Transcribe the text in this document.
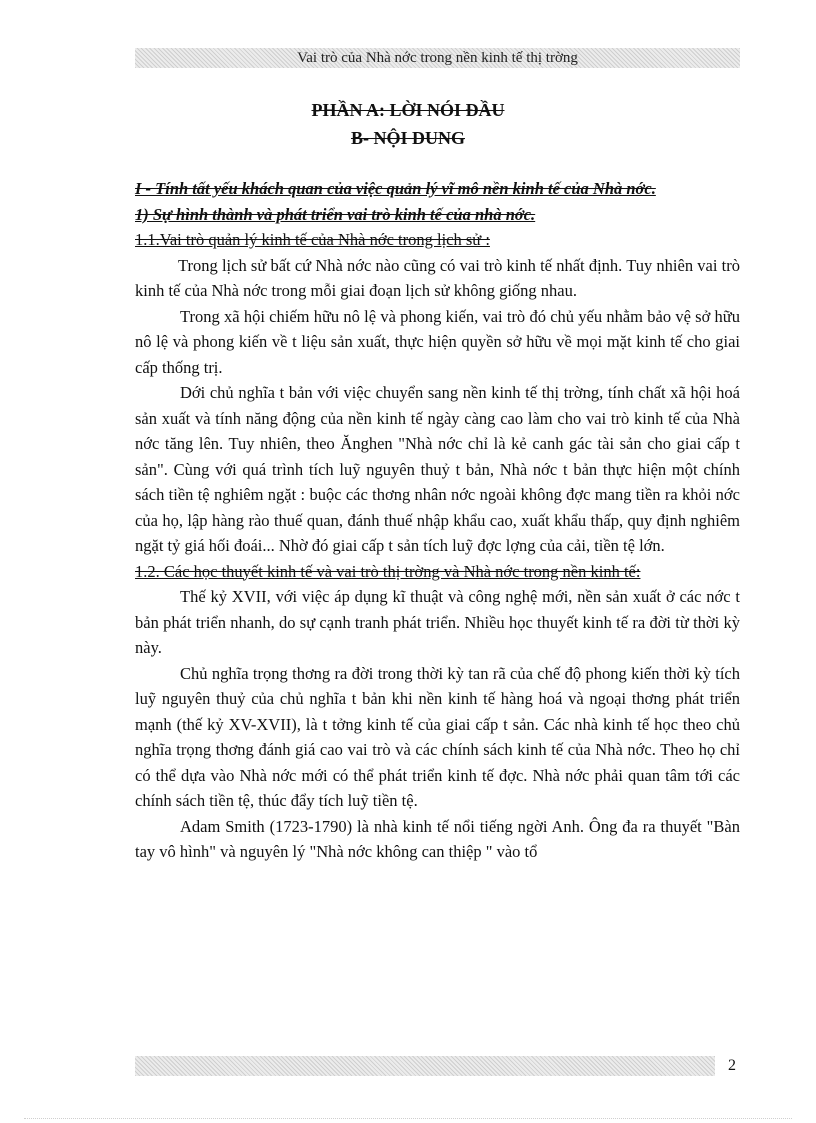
Vai trò của Nhà nớc trong nền kinh tế thị trờng
PHẦN A: LỜI NÓI ĐẦU
B- NỘI DUNG

I - Tính tất yếu khách quan của việc quản lý vĩ mô nền kinh tế của Nhà nớc.

1) Sự hình thành và phát triển vai trò kinh tế của nhà nớc.

1.1.Vai trò quản lý kinh tế của Nhà nớc trong lịch sử :

Trong lịch sử bất cứ Nhà nớc nào cũng có vai trò kinh tế nhất định. Tuy nhiên vai trò kinh tế của Nhà nớc trong mỗi giai đoạn lịch sử không giống nhau.

Trong xã hội chiếm hữu nô lệ và phong kiến, vai trò đó chủ yếu nhằm bảo vệ sở hữu nô lệ và phong kiến về t liệu sản xuất, thực hiện quyền sở hữu về mọi mặt kinh tế cho giai cấp thống trị.

Dới chủ nghĩa t bản với việc chuyển sang nền kinh tế thị trờng, tính chất xã hội hoá sản xuất và tính năng động của nền kinh tế ngày càng cao làm cho vai trò kinh tế của Nhà nớc tăng lên. Tuy nhiên, theo Ănghen "Nhà nớc chỉ là kẻ canh gác tài sản cho giai cấp t sản". Cùng với quá trình tích luỹ nguyên thuỷ t bản, Nhà nớc t bản thực hiện một chính sách tiền tệ nghiêm ngặt : buộc các thơng nhân nớc ngoài không đợc mang tiền ra khỏi nớc của họ, lập hàng rào thuế quan, đánh thuế nhập khẩu cao, xuất khẩu thấp, quy định nghiêm ngặt tỷ giá hối đoái... Nhờ đó giai cấp t sản tích luỹ đợc lợng của cải, tiền tệ lớn.

1.2. Các học thuyết kinh tế và vai trò thị trờng và Nhà nớc trong nền kinh tế:

Thế kỷ XVII, với việc áp dụng kĩ thuật và công nghệ mới, nền sản xuất ở các nớc t bản phát triển nhanh, do sự cạnh tranh phát triển. Nhiều học thuyết kinh tế ra đời từ thời kỳ này.

Chủ nghĩa trọng thơng ra đời trong thời kỳ tan rã của chế độ phong kiến thời kỳ tích luỹ nguyên thuỷ của chủ nghĩa t bản khi nền kinh tế hàng hoá và ngoại thơng phát triển mạnh (thế kỷ XV-XVII), là t tởng kinh tế của giai cấp t sản. Các nhà kinh tế học theo chủ nghĩa trọng thơng đánh giá cao vai trò và các chính sách kinh tế của Nhà nớc. Theo họ chỉ có thể dựa vào Nhà nớc mới có thể phát triển kinh tế đợc. Nhà nớc phải quan tâm tới các chính sách tiền tệ, thúc đẩy tích luỹ tiền tệ.

Adam Smith (1723-1790) là nhà kinh tế nổi tiếng ngời Anh. Ông đa ra thuyết "Bàn tay vô hình" và nguyên lý "Nhà nớc không can thiệp " vào tổ

2
